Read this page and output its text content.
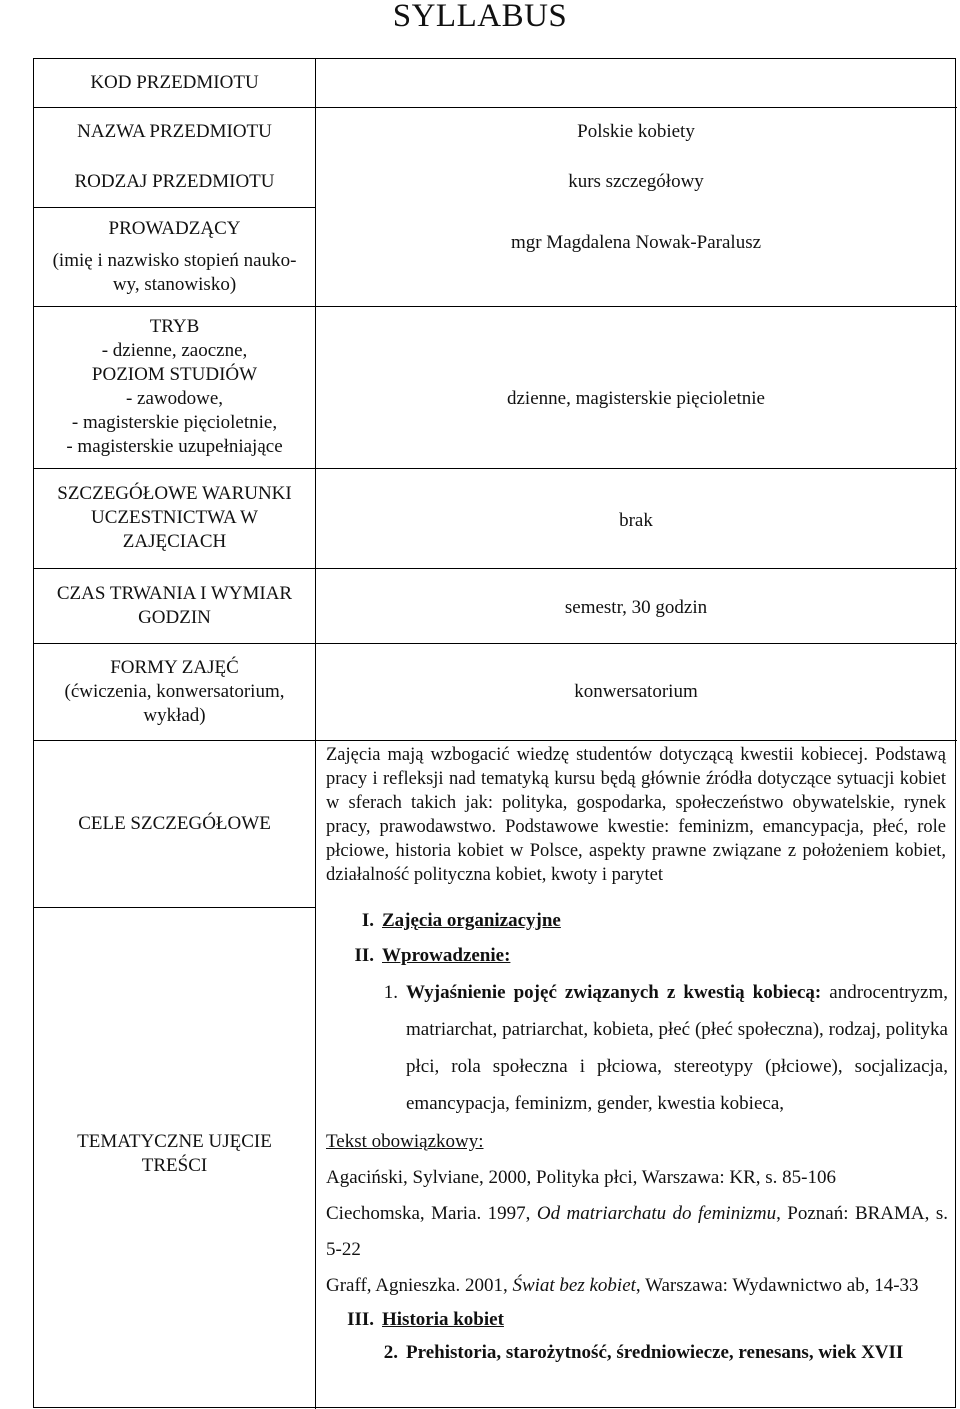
SYLLABUS
KOD PRZEDMIOTU
NAZWA PRZEDMIOTU
RODZAJ PRZEDMIOTU
PROWADZĄCY
(imię i nazwisko stopień nauko-
wy, stanowisko)
TRYB
- dzienne, zaoczne,
POZIOM STUDIÓW
- zawodowe,
- magisterskie pięcioletnie,
- magisterskie uzupełniające
SZCZEGÓŁOWE WARUNKI
UCZESTNICTWA W
ZAJĘCIACH
CZAS TRWANIA I WYMIAR
GODZIN
FORMY ZAJĘĆ
(ćwiczenia, konwersatorium,
wykład)
CELE SZCZEGÓŁOWE
TEMATYCZNE UJĘCIE
TREŚCI
Polskie kobiety
kurs szczegółowy
mgr Magdalena Nowak-Paralusz
dzienne, magisterskie pięcioletnie
brak
semestr, 30 godzin
konwersatorium
Zajęcia mają wzbogacić wiedzę studentów dotyczącą kwestii kobiecej. Podstawą pracy i refleksji nad tematyką kursu będą głównie źródła dotyczące sytuacji kobiet w sferach takich jak: polityka, gospodarka, społeczeństwo obywatelskie, rynek pracy, prawodawstwo. Podstawowe kwestie: feminizm, emancypacja, płeć, role płciowe, historia kobiet w Polsce, aspekty prawne związane z położeniem kobiet, działalność polityczna kobiet, kwoty i parytet
I. Zajęcia organizacyjne
II. Wprowadzenie:
1. Wyjaśnienie pojęć związanych z kwestią kobiecą: androcentryzm, matriarchat, patriarchat, kobieta, płeć (płeć społeczna), rodzaj, polityka płci, rola społeczna i płciowa, stereotypy (płciowe), socjalizacja, emancypacja, feminizm, gender, kwestia kobieca,
Tekst obowiązkowy:
Agaciński, Sylviane, 2000, Polityka płci, Warszawa: KR, s. 85-106
Ciechomska, Maria. 1997, Od matriarchatu do feminizmu, Poznań: BRAMA, s. 5-22
Graff, Agnieszka. 2001, Świat bez kobiet, Warszawa: Wydawnictwo ab, 14-33
III. Historia kobiet
2. Prehistoria, starożytność, średniowiecze, renesans, wiek XVII
